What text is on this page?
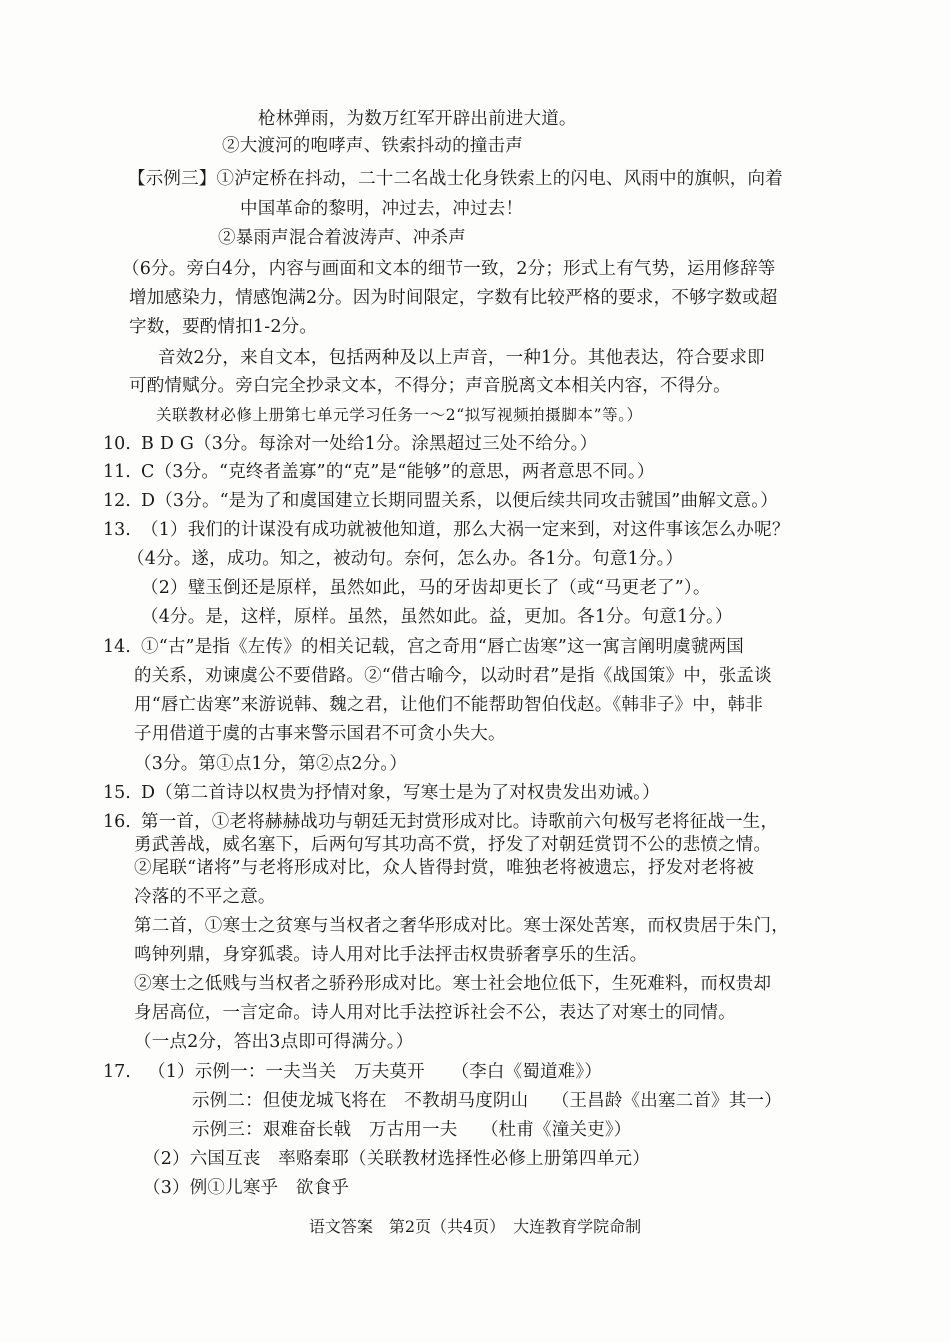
枪林弹雨，为数万红军开辟出前进大道。
②大渡河的咆哮声、铁索抖动的撞击声
【示例三】①泸定桥在抖动，二十二名战士化身铁索上的闪电、风雨中的旗帜，向着
中国革命的黎明，冲过去，冲过去！
②暴雨声混合着波涛声、冲杀声
（6分。旁白4分，内容与画面和文本的细节一致，2分；形式上有气势，运用修辞等
增加感染力，情感饱满2分。因为时间限定，字数有比较严格的要求，不够字数或超
字数，要酌情扣1-2分。
音效2分，来自文本，包括两种及以上声音，一种1分。其他表达，符合要求即
可酌情赋分。旁白完全抄录文本，不得分；声音脱离文本相关内容，不得分。
关联教材必修上册第七单元学习任务一～2“拟写视频拍摄脚本”等。）
10.
11.
12.
13.
14.
15.
16.
17.
B D G（3分。每涂对一处给1分。涂黑超过三处不给分。）
C（3分。“克终者盖寡”的“克”是“能够”的意思，两者意思不同。）
D（3分。“是为了和虞国建立长期同盟关系，以便后续共同攻击虢国”曲解文意。）
（1）我们的计谋没有成功就被他知道，那么大祸一定来到，对这件事该怎么办呢？
（4分。遂，成功。知之，被动句。奈何，怎么办。各1分。句意1分。）
（2）璧玉倒还是原样，虽然如此，马的牙齿却更长了（或“马更老了”）。
（4分。是，这样，原样。虽然，虽然如此。益，更加。各1分。句意1分。）
①“古”是指《左传》的相关记载，宫之奇用“唇亡齿寒”这一寓言阐明虞虢两国
的关系，劝谏虞公不要借路。②“借古喻今，以动时君”是指《战国策》中，张孟谈
用“唇亡齿寒”来游说韩、魏之君，让他们不能帮助智伯伐赵。《韩非子》中，韩非
子用借道于虞的古事来警示国君不可贪小失大。
（3分。第①点1分，第②点2分。）
D（第二首诗以权贵为抒情对象，写寒士是为了对权贵发出劝诫。）
第一首，①老将赫赫战功与朝廷无封赏形成对比。诗歌前六句极写老将征战一生，
勇武善战，威名塞下，后两句写其功高不赏，抒发了对朝廷赏罚不公的悲愤之情。
②尾联“诸将”与老将形成对比，众人皆得封赏，唯独老将被遗忘，抒发对老将被
冷落的不平之意。
第二首，①寒士之贫寒与当权者之奢华形成对比。寒士深处苦寒，而权贵居于朱门，
鸣钟列鼎，身穿狐裘。诗人用对比手法抨击权贵骄奢享乐的生活。
②寒士之低贱与当权者之骄矜形成对比。寒士社会地位低下，生死难料，而权贵却
身居高位，一言定命。诗人用对比手法控诉社会不公，表达了对寒士的同情。
（一点2分，答出3点即可得满分。）
（1）示例一：一夫当关　万夫莫开　　（李白《蜀道难》）
示例二：但使龙城飞将在　不教胡马度阴山　 （王昌龄《出塞二首》其一）
示例三：艰难奋长戟　万古用一夫　 （杜甫《潼关吏》）
（2）六国互丧　率赂秦耶（关联教材选择性必修上册第四单元）
（3）例①儿寒乎　欲食乎
语文答案　第2页（共4页）　大连教育学院命制
